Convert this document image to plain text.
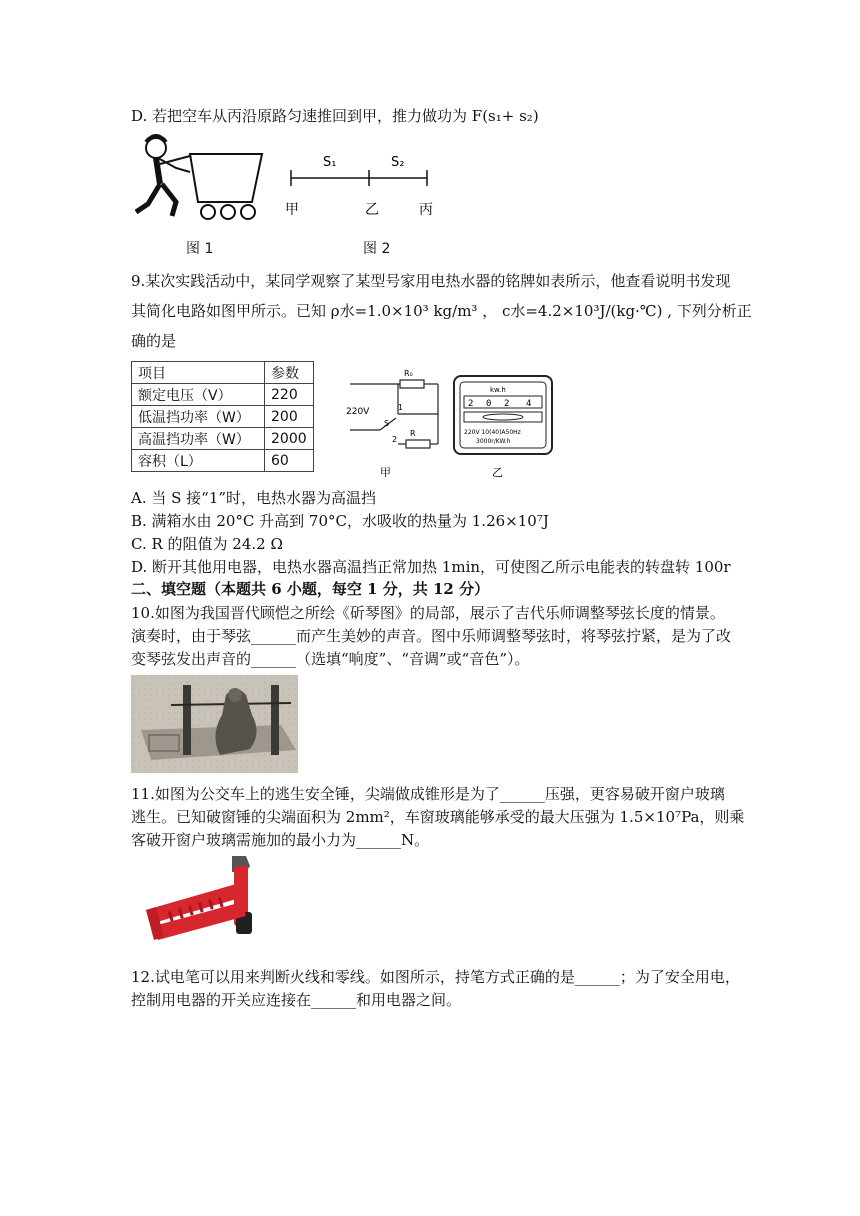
D. 若把空车从丙沿原路匀速推回到甲，推力做功为 F(s₁+ s₂)
图 1
S₁	S₂
甲	乙	丙
图 2
9.某次实践活动中，某同学观察了某型号家用电热水器的铭牌如表所示，他查看说明书发现
其简化电路如图甲所示。已知 ρ水=1.0×10³ kg/m³ ， c水=4.2×10³J/(kg·℃) , 下列分析正
确的是
项目	参数
额定电压（V）	220
低温挡功率（W）	200
高温挡功率（W）	2000
容积（L）	60
R₀
220V	1
S
2
R
甲
kw.h
2 0 2 4
220V 10(40)A50Hz
3000r/KW.h
乙
A. 当 S 接“1”时，电热水器为高温挡
B. 满箱水由 20°C 升高到 70°C，水吸收的热量为 1.26×10⁷J
C. R 的阻值为 24.2 Ω
D. 断开其他用电器，电热水器高温挡正常加热 1min，可使图乙所示电能表的转盘转 100r
二、填空题（本题共 6 小题，每空 1 分，共 12 分）
10.如图为我国晋代顾恺之所绘《斫琴图》的局部，展示了吉代乐师调整琴弦长度的情景。
演奏时，由于琴弦______而产生美妙的声音。图中乐师调整琴弦时，将琴弦拧紧，是为了改
变琴弦发出声音的______（选填“响度”、“音调”或“音色”）。
11.如图为公交车上的逃生安全锤，尖端做成锥形是为了______压强，更容易破开窗户玻璃
逃生。已知破窗锤的尖端面积为 2mm²，车窗玻璃能够承受的最大压强为 1.5×10⁷Pa，则乘
客破开窗户玻璃需施加的最小力为______N。
12.试电笔可以用来判断火线和零线。如图所示，持笔方式正确的是______；为了安全用电，
控制用电器的开关应连接在______和用电器之间。
